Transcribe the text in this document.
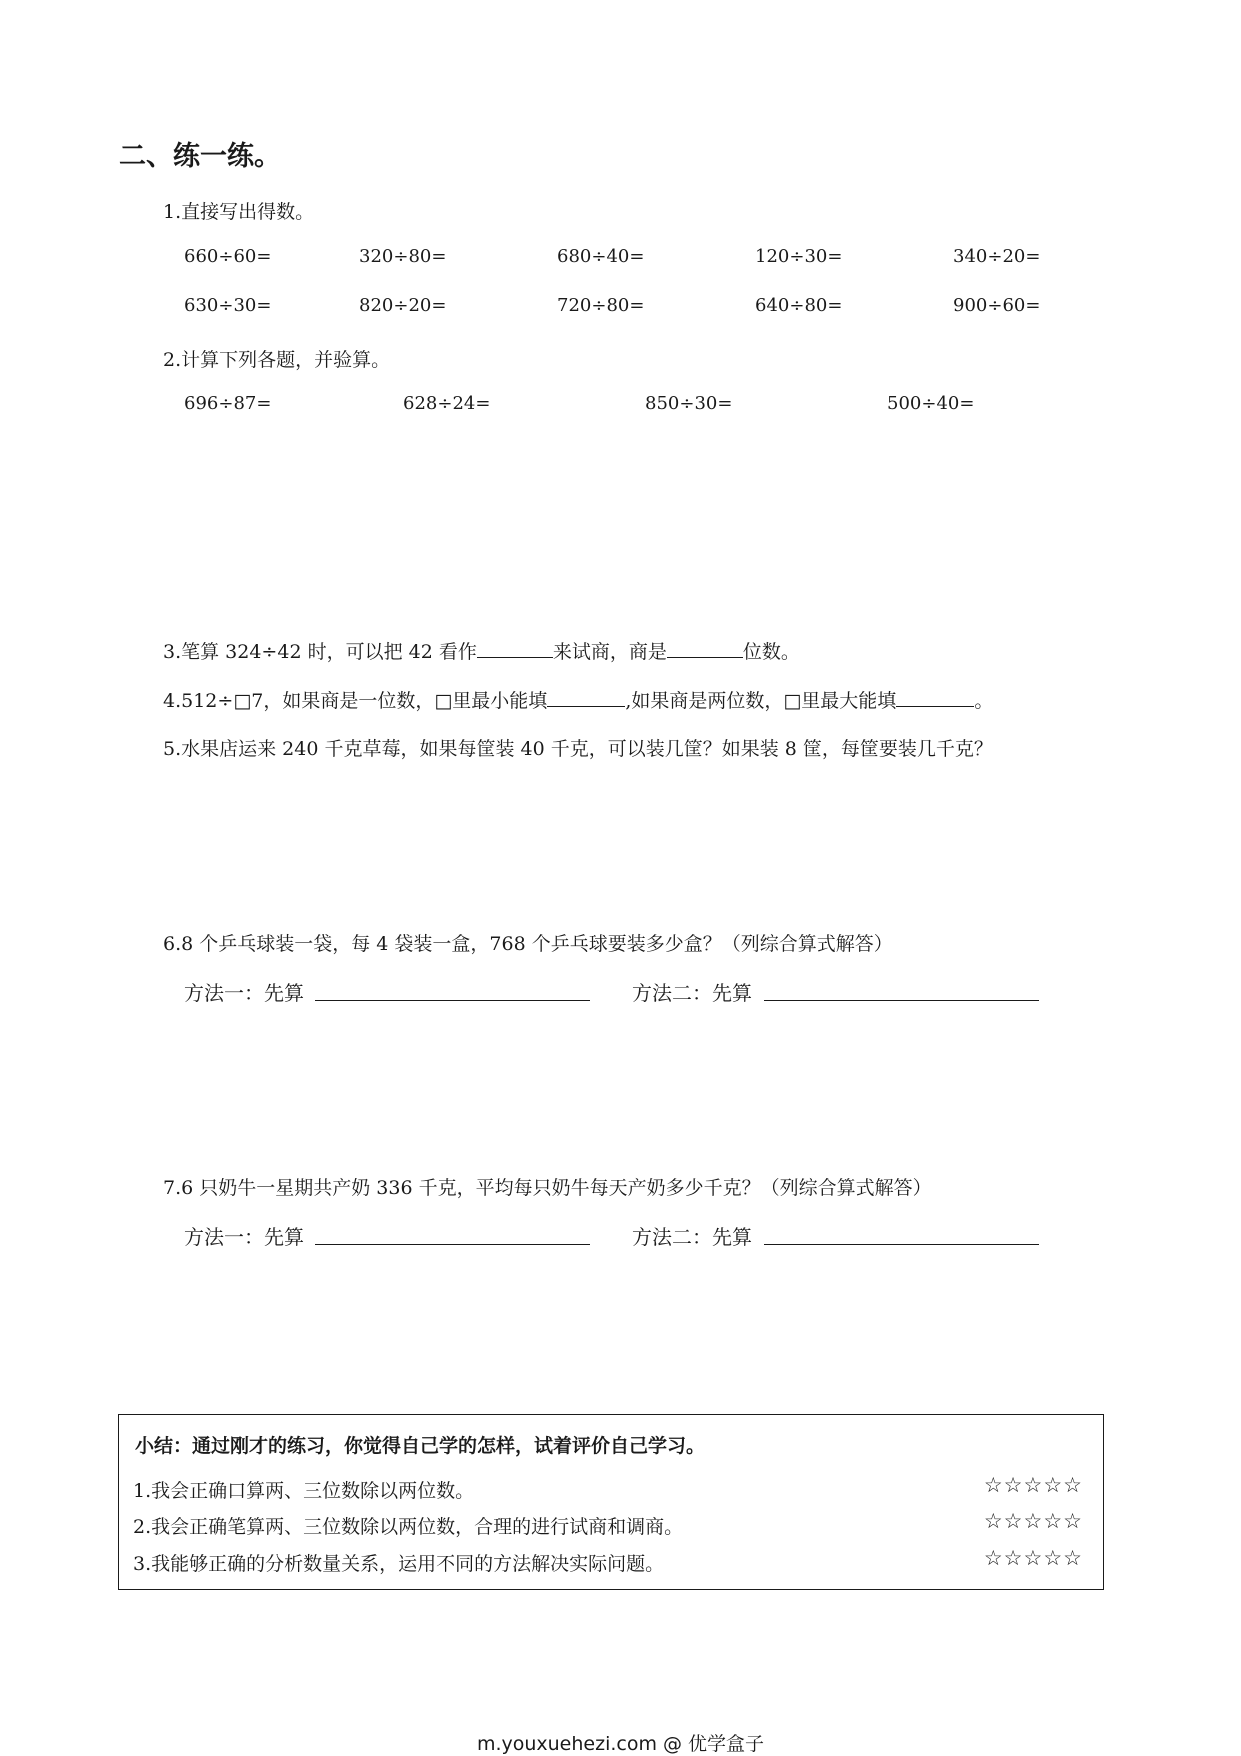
二、练一练。
1.直接写出得数。
660÷60=	320÷80=	680÷40=	120÷30=	340÷20=
630÷30=	820÷20=	720÷80=	640÷80=	900÷60=
2.计算下列各题，并验算。
696÷87=	628÷24=	850÷30=	500÷40=
3.笔算 324÷42 时，可以把 42 看作	来试商，商是	位数。
4.512÷□7，如果商是一位数，□里最小能填	,如果商是两位数，□里最大能填	。
5.水果店运来 240 千克草莓，如果每筐装 40 千克，可以装几筐？如果装 8 筐，每筐要装几千克？
6.8 个乒乓球装一袋，每 4 袋装一盒，768 个乒乓球要装多少盒？（列综合算式解答）
方法一：先算	方法二：先算
7.6 只奶牛一星期共产奶 336 千克，平均每只奶牛每天产奶多少千克？（列综合算式解答）
方法一：先算	方法二：先算
小结：通过刚才的练习，你觉得自己学的怎样，试着评价自己学习。
1.我会正确口算两、三位数除以两位数。	☆☆☆☆☆
2.我会正确笔算两、三位数除以两位数，合理的进行试商和调商。	☆☆☆☆☆
3.我能够正确的分析数量关系，运用不同的方法解决实际问题。	☆☆☆☆☆
m.youxuehezi.com @ 优学盒子
